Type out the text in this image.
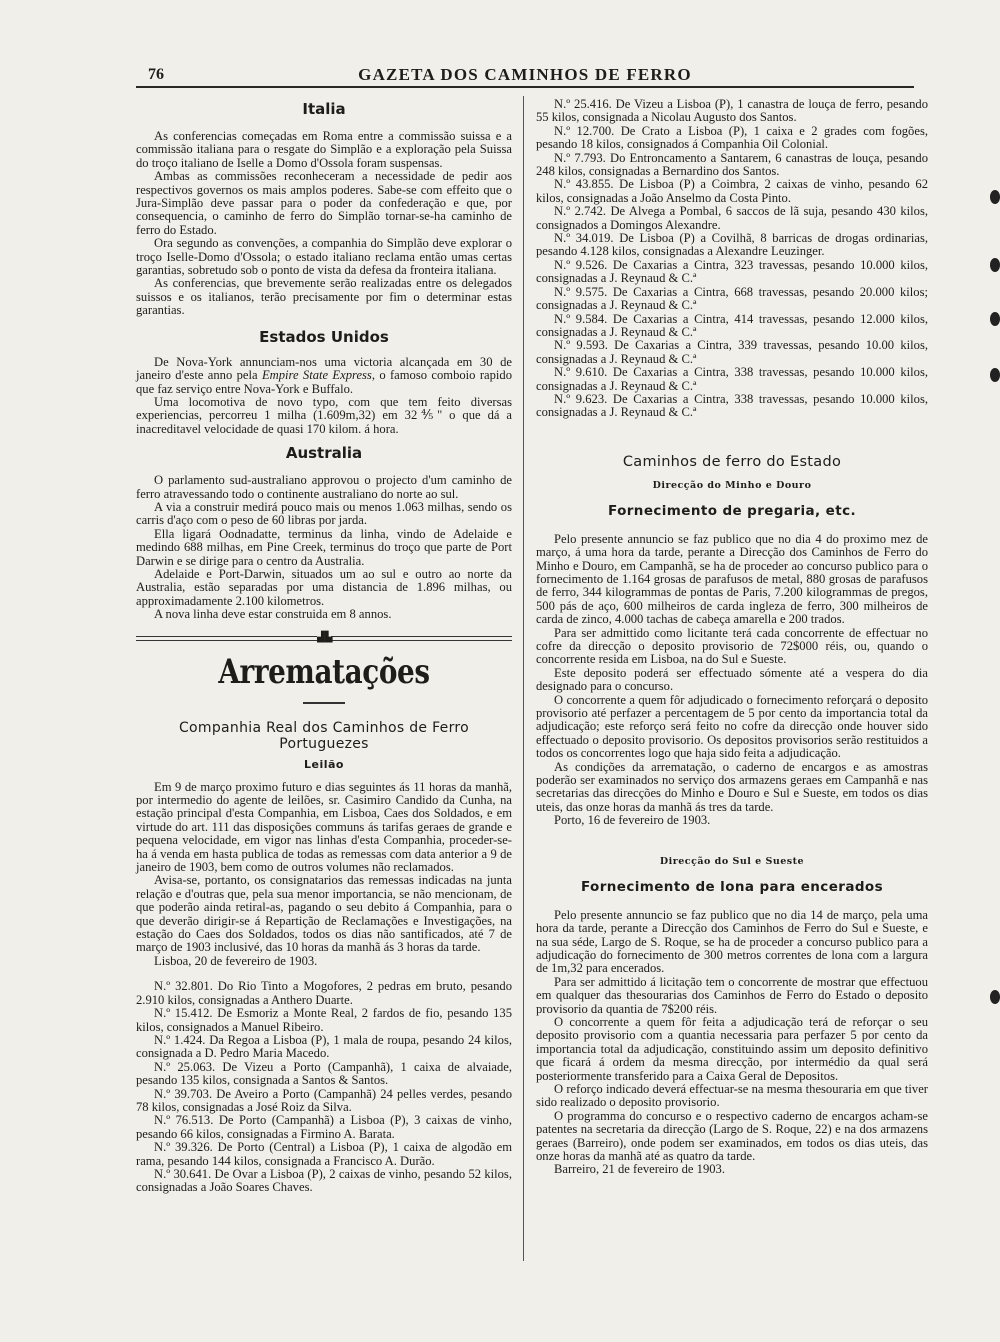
76	GAZETA DOS CAMINHOS DE FERRO
Italia

As conferencias começadas em Roma entre a commissão suissa e a commissão italiana para o resgate do Simplão e a exploração pela Suissa do troço italiano de Iselle a Domo d'Ossola foram suspensas.

Ambas as commissões reconheceram a necessidade de pedir aos respectivos governos os mais amplos poderes. Sabe-se com effeito que o Jura-Simplão deve passar para o poder da confederação e que, por consequencia, o caminho de ferro do Simplão tornar-se-ha caminho de ferro do Estado.

Ora segundo as convenções, a companhia do Simplão deve explorar o troço Iselle-Domo d'Ossola; o estado italiano reclama então umas certas garantias, sobretudo sob o ponto de vista da defesa da fronteira italiana.

As conferencias, que brevemente serão realizadas entre os delegados suissos e os italianos, terão precisamente por fim o determinar estas garantias.

Estados Unidos

De Nova-York annunciam-nos uma victoria alcançada em 30 de janeiro d'este anno pela Empire State Express, o famoso comboio rapido que faz serviço entre Nova-York e Buffalo.

Uma locomotiva de novo typo, com que tem feito diversas experiencias, percorreu 1 milha (1.609m,32) em 32⅘" o que dá a inacreditavel velocidade de quasi 170 kilom. á hora.

Australia

O parlamento sud-australiano approvou o projecto d'um caminho de ferro atravessando todo o continente australiano do norte ao sul.

A via a construir medirá pouco mais ou menos 1.063 milhas, sendo os carris d'aço com o peso de 60 libras por jarda.

Ella ligará Oodnadatte, terminus da linha, vindo de Adelaide e medindo 688 milhas, em Pine Creek, terminus do troço que parte de Port Darwin e se dirige para o centro da Australia.

Adelaide e Port-Darwin, situados um ao sul e outro ao norte da Australia, estão separadas por uma distancia de 1.896 milhas, ou approximadamente 2.100 kilometros.

A nova linha deve estar construida em 8 annos.

▟▙
Arrematações
Companhia Real dos Caminhos de Ferro
Portuguezes
Leilão

Em 9 de março proximo futuro e dias seguintes ás 11 horas da manhã, por intermedio do agente de leilões, sr. Casimiro Candido da Cunha, na estação principal d'esta Companhia, em Lisboa, Caes dos Soldados, e em virtude do art. 111 das disposições communs ás tarifas geraes de grande e pequena velocidade, em vigor nas linhas d'esta Companhia, proceder-se-ha á venda em hasta publica de todas as remessas com data anterior a 9 de janeiro de 1903, bem como de outros volumes não reclamados.

Avisa-se, portanto, os consignatarios das remessas indicadas na junta relação e d'outras que, pela sua menor importancia, se não mencionam, de que poderão ainda retiral-as, pagando o seu debito á Companhia, para o que deverão dirigir-se á Repartição de Reclamações e Investigações, na estação do Caes dos Soldados, todos os dias não santificados, até 7 de março de 1903 inclusivé, das 10 horas da manhã ás 3 horas da tarde.

Lisboa, 20 de fevereiro de 1903.

N.º 32.801. Do Rio Tinto a Mogofores, 2 pedras em bruto, pesando 2.910 kilos, consignadas a Anthero Duarte.

N.º 15.412. De Esmoriz a Monte Real, 2 fardos de fio, pesando 135 kilos, consignados a Manuel Ribeiro.

N.º 1.424. Da Regoa a Lisboa (P), 1 mala de roupa, pesando 24 kilos, consignada a D. Pedro Maria Macedo.

N.º 25.063. De Vizeu a Porto (Campanhã), 1 caixa de alvaiade, pesando 135 kilos, consignada a Santos & Santos.

N.º 39.703. De Aveiro a Porto (Campanhã) 24 pelles verdes, pesando 78 kilos, consignadas a José Roiz da Silva.

N.º 76.513. De Porto (Campanhã) a Lisboa (P), 3 caixas de vinho, pesando 66 kilos, consignadas a Firmino A. Barata.

N.º 39.326. De Porto (Central) a Lisboa (P), 1 caixa de algodão em rama, pesando 144 kilos, consignada a Francisco A. Durão.

N.º 30.641. De Ovar a Lisboa (P), 2 caixas de vinho, pesando 52 kilos, consignadas a João Soares Chaves.

N.º 25.416. De Vizeu a Lisboa (P), 1 canastra de louça de ferro, pesando 55 kilos, consignada a Nicolau Augusto dos Santos.

N.º 12.700. De Crato a Lisboa (P), 1 caixa e 2 grades com fogões, pesando 18 kilos, consignados á Companhia Oil Colonial.

N.º 7.793. Do Entroncamento a Santarem, 6 canastras de louça, pesando 248 kilos, consignadas a Bernardino dos Santos.

N.º 43.855. De Lisboa (P) a Coimbra, 2 caixas de vinho, pesando 62 kilos, consignadas a João Anselmo da Costa Pinto.

N.º 2.742. De Alvega a Pombal, 6 saccos de lã suja, pesando 430 kilos, consignados a Domingos Alexandre.

N.º 34.019. De Lisboa (P) a Covilhã, 8 barricas de drogas ordinarias, pesando 4.128 kilos, consignadas a Alexandre Leuzinger.

N.º 9.526. De Caxarias a Cintra, 323 travessas, pesando 10.000 kilos, consignadas a J. Reynaud & C.ª

N.º 9.575. De Caxarias a Cintra, 668 travessas, pesando 20.000 kilos; consignadas a J. Reynaud & C.ª

N.º 9.584. De Caxarias a Cintra, 414 travessas, pesando 12.000 kilos, consignadas a J. Reynaud & C.ª

N.º 9.593. De Caxarias a Cintra, 339 travessas, pesando 10.00 kilos, consignadas a J. Reynaud & C.ª

N.º 9.610. De Caxarias a Cintra, 338 travessas, pesando 10.000 kilos, consignadas a J. Reynaud & C.ª

N.º 9.623. De Caxarias a Cintra, 338 travessas, pesando 10.000 kilos, consignadas a J. Reynaud & C.ª

Caminhos de ferro do Estado
Direcção do Minho e Douro
Fornecimento de pregaria, etc.

Pelo presente annuncio se faz publico que no dia 4 do proximo mez de março, á uma hora da tarde, perante a Direcção dos Caminhos de Ferro do Minho e Douro, em Campanhã, se ha de proceder ao concurso publico para o fornecimento de 1.164 grosas de parafusos de metal, 880 grosas de parafusos de ferro, 344 kilogrammas de pontas de Paris, 7.200 kilogrammas de pregos, 500 pás de aço, 600 milheiros de carda ingleza de ferro, 300 milheiros de carda de zinco, 4.000 tachas de cabeça amarella e 200 trados.

Para ser admittido como licitante terá cada concorrente de effectuar no cofre da direcção o deposito provisorio de 72$000 réis, ou, quando o concorrente resida em Lisboa, na do Sul e Sueste.

Este deposito poderá ser effectuado sómente até a vespera do dia designado para o concurso.

O concorrente a quem fôr adjudicado o fornecimento reforçará o deposito provisorio até perfazer a percentagem de 5 por cento da importancia total da adjudicação; este reforço será feito no cofre da direcção onde houver sido effectuado o deposito provisorio. Os depositos provisorios serão restituidos a todos os concorrentes logo que haja sido feita a adjudicação.

As condições da arrematação, o caderno de encargos e as amostras poderão ser examinados no serviço dos armazens geraes em Campanhã e nas secretarias das direcções do Minho e Douro e Sul e Sueste, em todos os dias uteis, das onze horas da manhã ás tres da tarde.

Porto, 16 de fevereiro de 1903.

Direcção do Sul e Sueste
Fornecimento de lona para encerados

Pelo presente annuncio se faz publico que no dia 14 de março, pela uma hora da tarde, perante a Direcção dos Caminhos de Ferro do Sul e Sueste, e na sua séde, Largo de S. Roque, se ha de proceder a concurso publico para a adjudicação do fornecimento de 300 metros correntes de lona com a largura de 1m,32 para encerados.

Para ser admittido á licitação tem o concorrente de mostrar que effectuou em qualquer das thesourarias dos Caminhos de Ferro do Estado o deposito provisorio da quantia de 7$200 réis.

O concorrente a quem fôr feita a adjudicação terá de reforçar o seu deposito provisorio com a quantia necessaria para perfazer 5 por cento da importancia total da adjudicação, constituindo assim um deposito definitivo que ficará á ordem da mesma direcção, por intermédio da qual será posteriormente transferido para a Caixa Geral de Depositos.

O reforço indicado deverá effectuar-se na mesma thesouraria em que tiver sido realizado o deposito provisorio.

O programma do concurso e o respectivo caderno de encargos acham-se patentes na secretaria da direcção (Largo de S. Roque, 22) e na dos armazens geraes (Barreiro), onde podem ser examinados, em todos os dias uteis, das onze horas da manhã até as quatro da tarde.

Barreiro, 21 de fevereiro de 1903.
